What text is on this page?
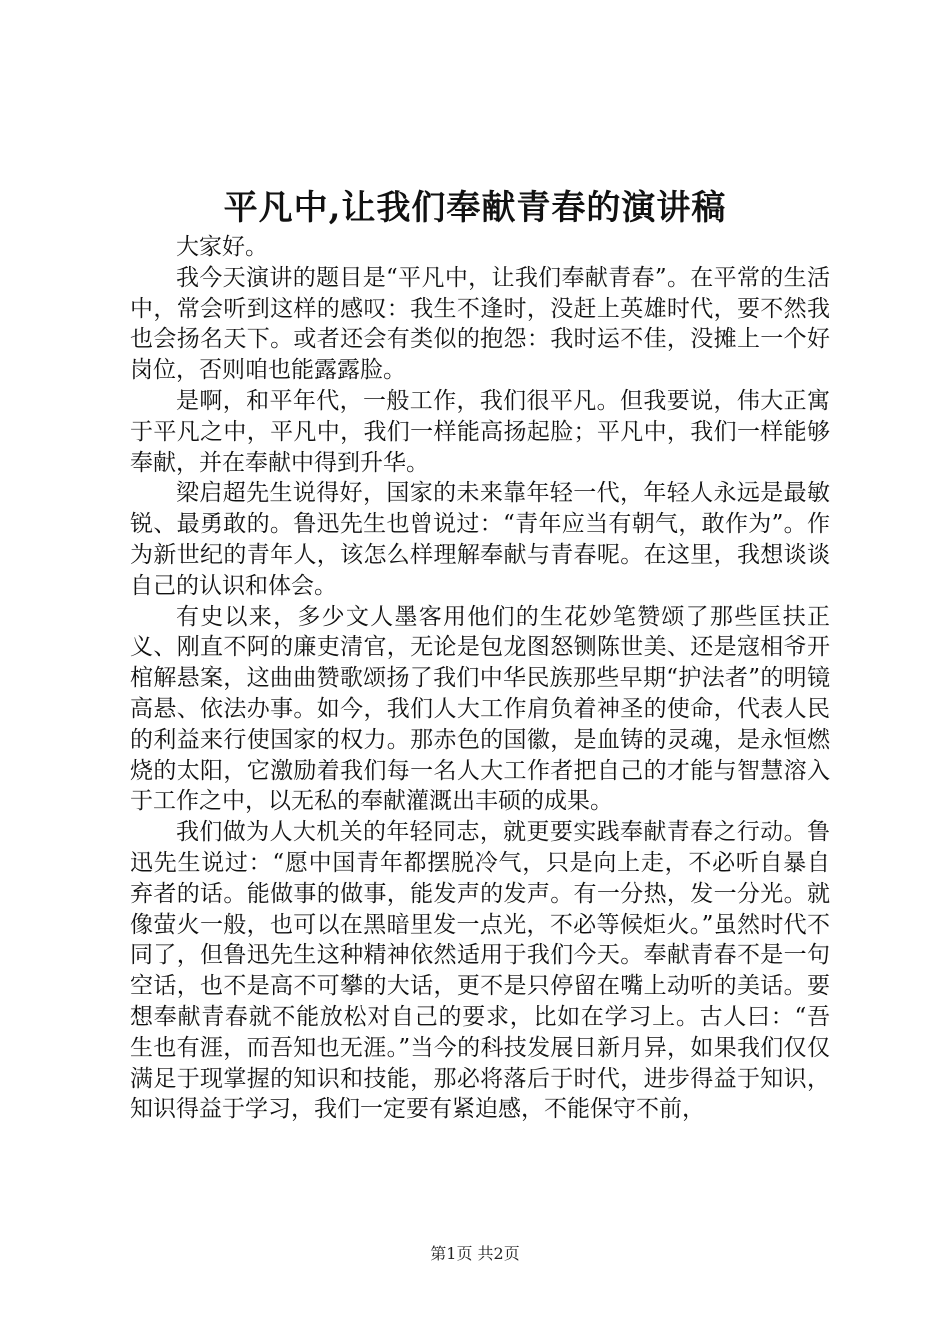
平凡中,让我们奉献青春的演讲稿

大家好。

我今天演讲的题目是“平凡中，让我们奉献青春”。在平常的生活中，常会听到这样的感叹：我生不逢时，没赶上英雄时代，要不然我也会扬名天下。或者还会有类似的抱怨：我时运不佳，没摊上一个好岗位，否则咱也能露露脸。

是啊，和平年代，一般工作，我们很平凡。但我要说，伟大正寓于平凡之中，平凡中，我们一样能高扬起脸；平凡中，我们一样能够奉献，并在奉献中得到升华。

梁启超先生说得好，国家的未来靠年轻一代，年轻人永远是最敏锐、最勇敢的。鲁迅先生也曾说过：“青年应当有朝气，敢作为”。作为新世纪的青年人，该怎么样理解奉献与青春呢。在这里，我想谈谈自己的认识和体会。

有史以来，多少文人墨客用他们的生花妙笔赞颂了那些匡扶正义、刚直不阿的廉吏清官，无论是包龙图怒铡陈世美、还是寇相爷开棺解悬案，这曲曲赞歌颂扬了我们中华民族那些早期“护法者”的明镜高悬、依法办事。如今，我们人大工作肩负着神圣的使命，代表人民的利益来行使国家的权力。那赤色的国徽，是血铸的灵魂，是永恒燃烧的太阳，它激励着我们每一名人大工作者把自己的才能与智慧溶入于工作之中，以无私的奉献灌溉出丰硕的成果。

我们做为人大机关的年轻同志，就更要实践奉献青春之行动。鲁迅先生说过：“愿中国青年都摆脱冷气，只是向上走，不必听自暴自弃者的话。能做事的做事，能发声的发声。有一分热，发一分光。就像萤火一般，也可以在黑暗里发一点光，不必等候炬火。”虽然时代不同了，但鲁迅先生这种精神依然适用于我们今天。奉献青春不是一句空话，也不是高不可攀的大话，更不是只停留在嘴上动听的美话。要想奉献青春就不能放松对自己的要求，比如在学习上。古人曰：“吾生也有涯，而吾知也无涯。”当今的科技发展日新月异，如果我们仅仅满足于现掌握的知识和技能，那必将落后于时代，进步得益于知识，知识得益于学习，我们一定要有紧迫感，不能保守不前，

第1页 共2页
